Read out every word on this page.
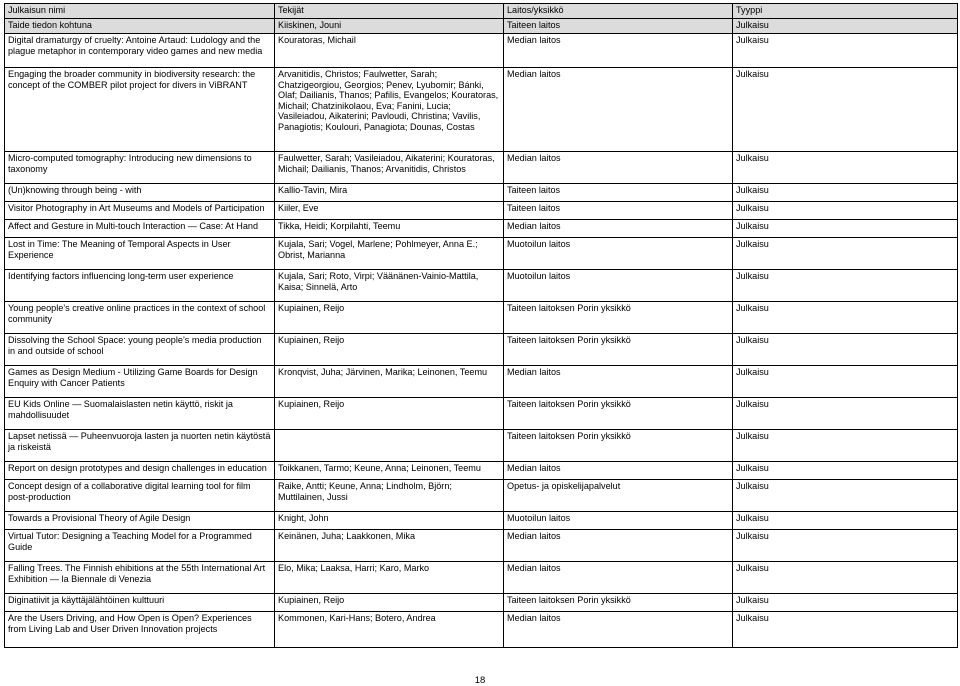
Julkaisun nimi	Tekijät	Laitos/yksikkö	Tyyppi
Taide tiedon kohtuna	Kiiskinen, Jouni	Taiteen laitos	Julkaisu
Digital dramaturgy of cruelty: Antoine Artaud: Ludology and the plague metaphor in contemporary video games and new media	Kouratoras, Michail	Median laitos	Julkaisu
Engaging the broader community in biodiversity research: the concept of the COMBER pilot project for divers in ViBRANT	Arvanitidis, Christos; Faulwetter, Sarah; Chatzigeorgiou, Georgios; Penev, Lyubomir; Bánki, Olaf; Dailianis, Thanos; Pafilis, Evangelos; Kouratoras, Michail; Chatzinikolaou, Eva; Fanini, Lucia; Vasileiadou, Aikaterini; Pavloudi, Christina; Vavilis, Panagiotis; Koulouri, Panagiota; Dounas, Costas	Median laitos	Julkaisu
Micro-computed tomography: Introducing new dimensions to taxonomy	Faulwetter, Sarah; Vasileiadou, Aikaterini; Kouratoras, Michail; Dailianis, Thanos; Arvanitidis, Christos	Median laitos	Julkaisu
(Un)knowing through being - with	Kallio-Tavin, Mira	Taiteen laitos	Julkaisu
Visitor Photography in Art Museums and Models of Participation	Kiiler, Eve	Taiteen laitos	Julkaisu
Affect and Gesture in Multi-touch Interaction ― Case: At Hand	Tikka, Heidi; Korpilahti, Teemu	Median laitos	Julkaisu
Lost in Time: The Meaning of Temporal Aspects in User Experience	Kujala, Sari; Vogel, Marlene; Pohlmeyer, Anna E.; Obrist, Marianna	Muotoilun laitos	Julkaisu
Identifying factors influencing long-term user experience	Kujala, Sari; Roto, Virpi; Väänänen-Vainio-Mattila, Kaisa; Sinnelä, Arto	Muotoilun laitos	Julkaisu
Young people’s creative online practices in the context of school community	Kupiainen, Reijo	Taiteen laitoksen Porin yksikkö	Julkaisu
Dissolving the School Space: young people’s media production in and outside of school	Kupiainen, Reijo	Taiteen laitoksen Porin yksikkö	Julkaisu
Games as Design Medium - Utilizing Game Boards for Design Enquiry with Cancer Patients	Kronqvist, Juha; Järvinen, Marika; Leinonen, Teemu	Median laitos	Julkaisu
EU Kids Online ― Suomalaislasten netin käyttö, riskit ja mahdollisuudet	Kupiainen, Reijo	Taiteen laitoksen Porin yksikkö	Julkaisu
Lapset netissä ― Puheenvuoroja lasten ja nuorten netin käytöstä ja riskeistä		Taiteen laitoksen Porin yksikkö	Julkaisu
Report on design prototypes and design challenges in education	Toikkanen, Tarmo; Keune, Anna; Leinonen, Teemu	Median laitos	Julkaisu
Concept design of a collaborative digital learning tool for film post-production	Raike, Antti; Keune, Anna; Lindholm, Björn; Muttilainen, Jussi	Opetus- ja opiskelijapalvelut	Julkaisu
Towards a Provisional Theory of Agile Design	Knight, John	Muotoilun laitos	Julkaisu
Virtual Tutor: Designing a Teaching Model for a Programmed Guide	Keinänen, Juha; Laakkonen, Mika	Median laitos	Julkaisu
Falling Trees. The Finnish ehibitions at the 55th International Art Exhibition ― la Biennale di Venezia	Elo, Mika; Laaksa, Harri; Karo, Marko	Median laitos	Julkaisu
Diginatiivit ja käyttäjälähtöinen kulttuuri	Kupiainen, Reijo	Taiteen laitoksen Porin yksikkö	Julkaisu
Are the Users Driving, and How Open is Open? Experiences from Living Lab and User Driven Innovation projects	Kommonen, Kari-Hans; Botero, Andrea	Median laitos	Julkaisu
18
